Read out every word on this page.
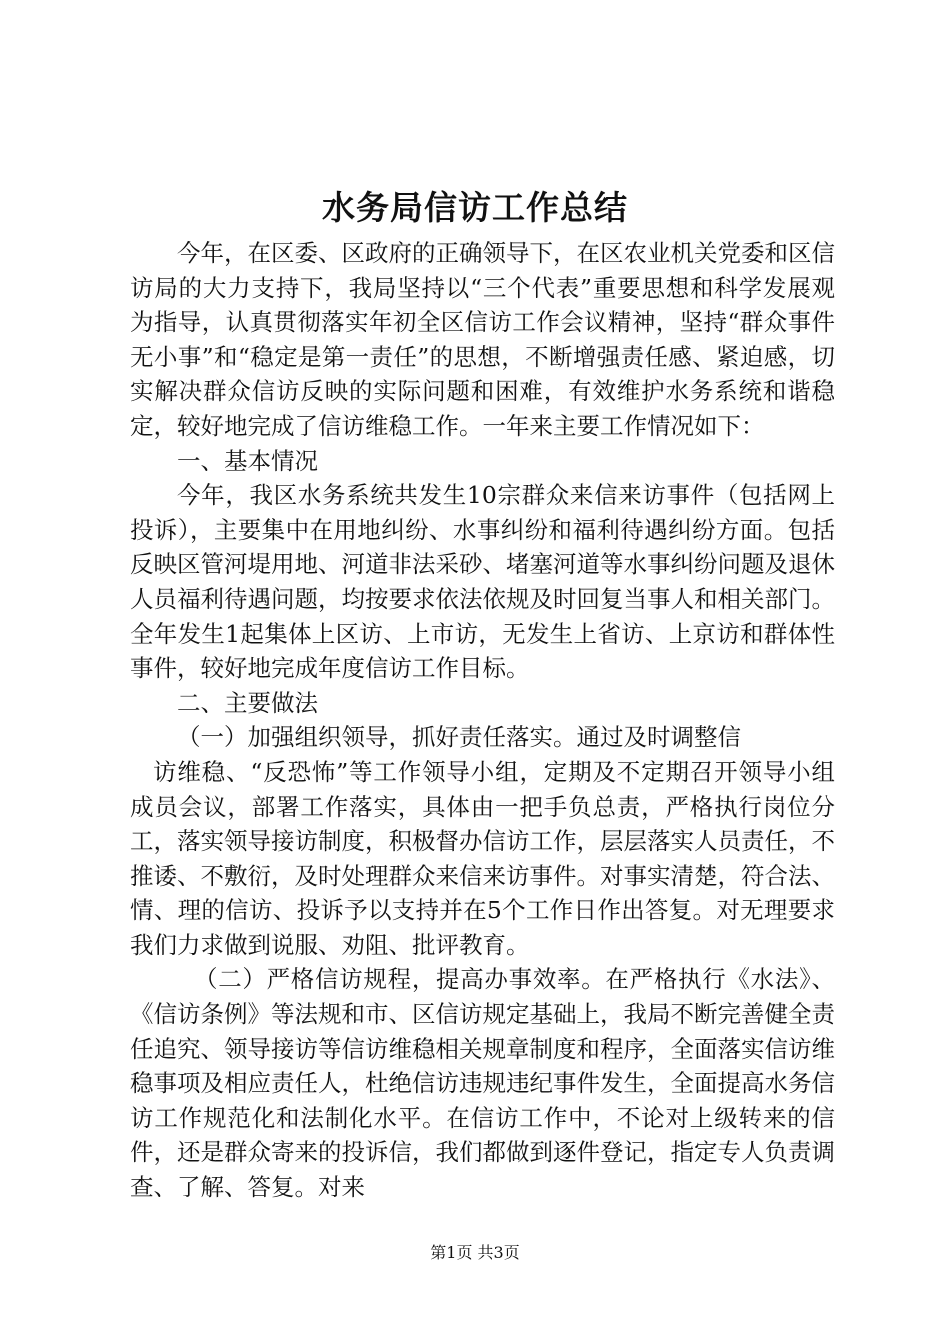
水务局信访工作总结

今年，在区委、区政府的正确领导下，在区农业机关党委和区信访局的大力支持下，我局坚持以“三个代表”重要思想和科学发展观为指导，认真贯彻落实年初全区信访工作会议精神，坚持“群众事件无小事”和“稳定是第一责任”的思想，不断增强责任感、紧迫感，切实解决群众信访反映的实际问题和困难，有效维护水务系统和谐稳定，较好地完成了信访维稳工作。一年来主要工作情况如下：

一、基本情况

今年，我区水务系统共发生10宗群众来信来访事件（包括网上投诉），主要集中在用地纠纷、水事纠纷和福利待遇纠纷方面。包括反映区管河堤用地、河道非法采砂、堵塞河道等水事纠纷问题及退休人员福利待遇问题，均按要求依法依规及时回复当事人和相关部门。全年发生1起集体上区访、上市访，无发生上省访、上京访和群体性事件，较好地完成年度信访工作目标。

二、主要做法

（一）加强组织领导，抓好责任落实。通过及时调整信

访维稳、“反恐怖”等工作领导小组，定期及不定期召开领导小组成员会议，部署工作落实，具体由一把手负总责，严格执行岗位分工，落实领导接访制度，积极督办信访工作，层层落实人员责任，不推诿、不敷衍，及时处理群众来信来访事件。对事实清楚，符合法、情、理的信访、投诉予以支持并在5个工作日作出答复。对无理要求我们力求做到说服、劝阻、批评教育。

（二）严格信访规程，提高办事效率。在严格执行《水法》、《信访条例》等法规和市、区信访规定基础上，我局不断完善健全责任追究、领导接访等信访维稳相关规章制度和程序，全面落实信访维稳事项及相应责任人，杜绝信访违规违纪事件发生，全面提高水务信访工作规范化和法制化水平。在信访工作中，不论对上级转来的信件，还是群众寄来的投诉信，我们都做到逐件登记，指定专人负责调查、了解、答复。对来

第1页 共3页
